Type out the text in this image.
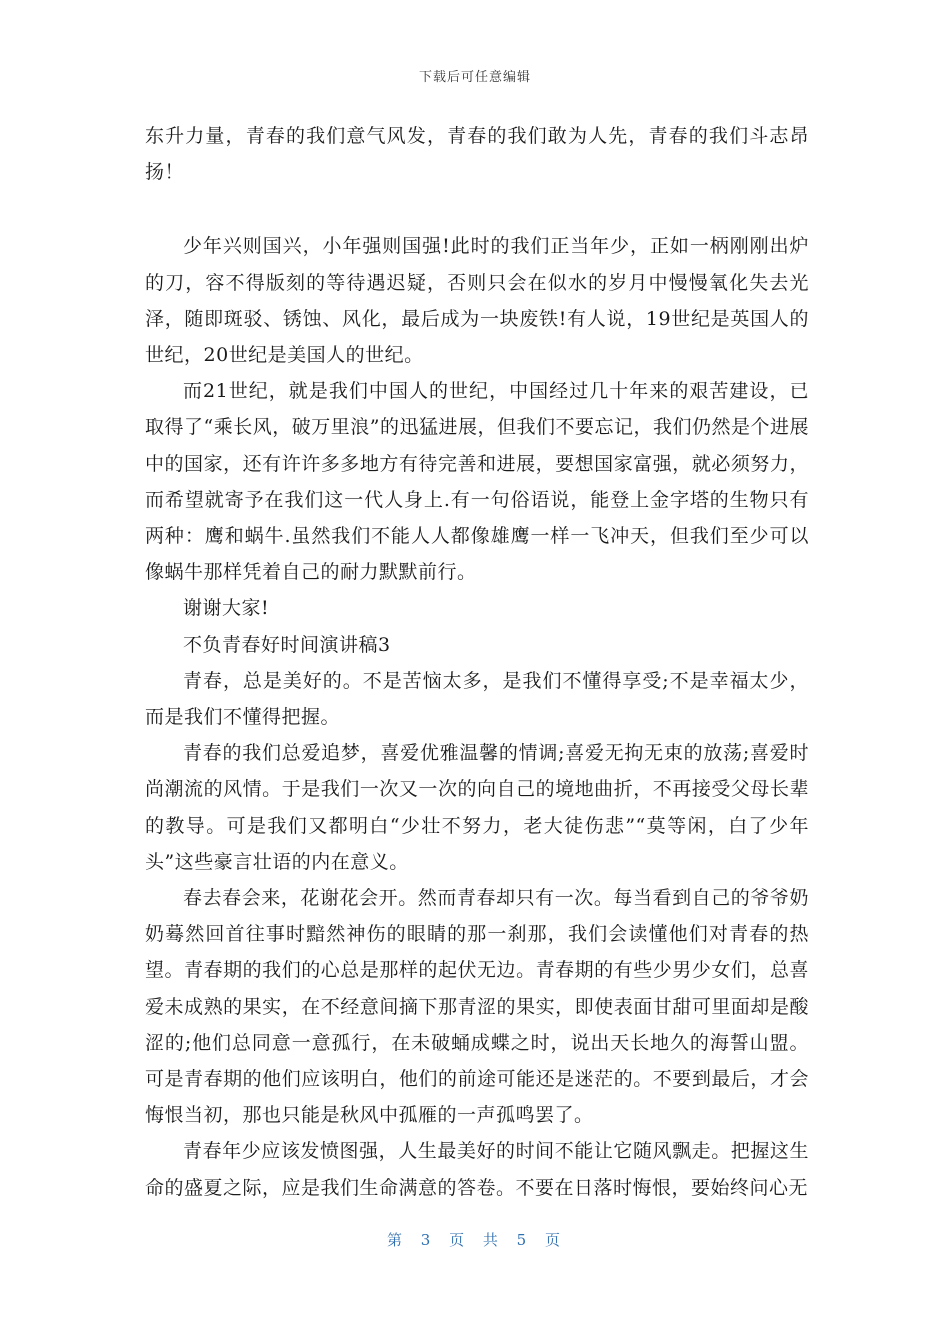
下载后可任意编辑

东升力量，青春的我们意气风发，青春的我们敢为人先，青春的我们斗志昂扬！

少年兴则国兴，小年强则国强!此时的我们正当年少，正如一柄刚刚出炉的刀，容不得版刻的等待遇迟疑，否则只会在似水的岁月中慢慢氧化失去光泽，随即斑驳、锈蚀、风化，最后成为一块废铁!有人说，19世纪是英国人的世纪，20世纪是美国人的世纪。

而21世纪，就是我们中国人的世纪，中国经过几十年来的艰苦建设，已取得了“乘长风，破万里浪”的迅猛进展，但我们不要忘记，我们仍然是个进展中的国家，还有许许多多地方有待完善和进展，要想国家富强，就必须努力，而希望就寄予在我们这一代人身上.有一句俗语说，能登上金字塔的生物只有两种：鹰和蜗牛.虽然我们不能人人都像雄鹰一样一飞冲天，但我们至少可以像蜗牛那样凭着自己的耐力默默前行。

谢谢大家!

不负青春好时间演讲稿3

青春，总是美好的。不是苦恼太多，是我们不懂得享受;不是幸福太少，而是我们不懂得把握。

青春的我们总爱追梦，喜爱优雅温馨的情调;喜爱无拘无束的放荡;喜爱时尚潮流的风情。于是我们一次又一次的向自己的境地曲折，不再接受父母长辈的教导。可是我们又都明白“少壮不努力，老大徒伤悲”“莫等闲，白了少年头”这些豪言壮语的内在意义。

春去春会来，花谢花会开。然而青春却只有一次。每当看到自己的爷爷奶奶蓦然回首往事时黯然神伤的眼睛的那一刹那，我们会读懂他们对青春的热望。青春期的我们的心总是那样的起伏无边。青春期的有些少男少女们，总喜爱未成熟的果实，在不经意间摘下那青涩的果实，即使表面甘甜可里面却是酸涩的;他们总同意一意孤行，在未破蛹成蝶之时，说出天长地久的海誓山盟。可是青春期的他们应该明白，他们的前途可能还是迷茫的。不要到最后，才会悔恨当初，那也只能是秋风中孤雁的一声孤鸣罢了。

青春年少应该发愤图强，人生最美好的时间不能让它随风飘走。把握这生命的盛夏之际，应是我们生命满意的答卷。不要在日落时悔恨，要始终问心无

第 3 页 共 5 页
